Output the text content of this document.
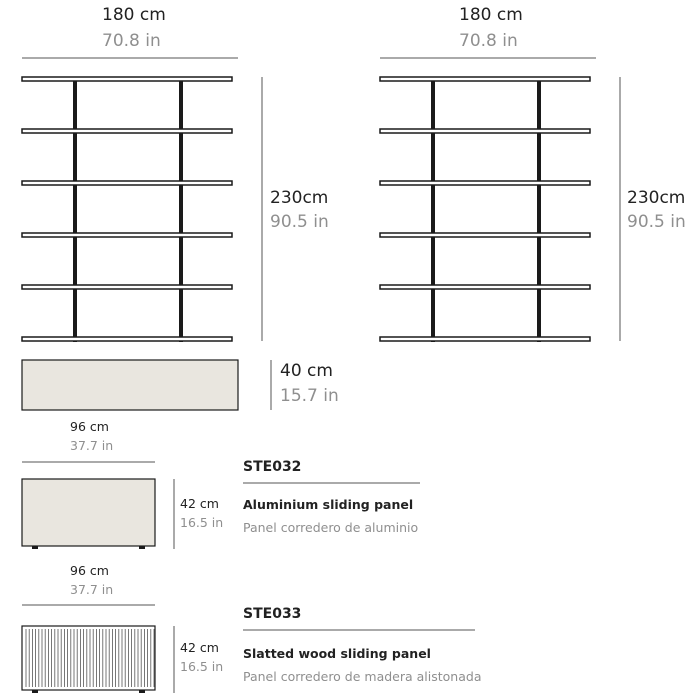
180 cm
70.8 in
230cm
90.5 in
180 cm
70.8 in
230cm
90.5 in
40 cm
15.7 in
96 cm
37.7 in
42 cm
16.5 in
STE032
Aluminium sliding panel
Panel corredero de aluminio
96 cm
37.7 in
42 cm
16.5 in
STE033
Slatted wood sliding panel
Panel corredero de madera alistonada
